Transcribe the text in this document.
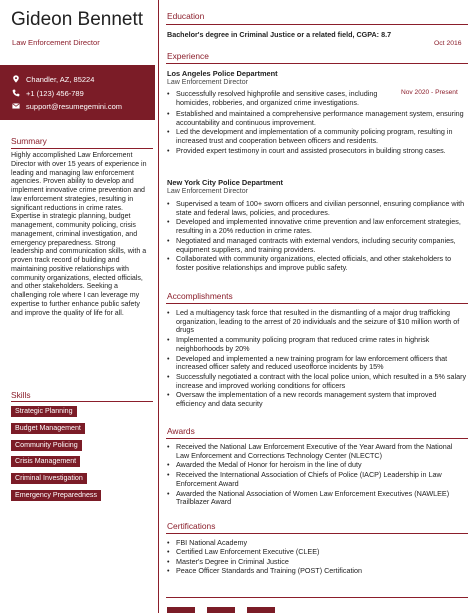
Gideon Bennett
Law Enforcement Director
Chandler, AZ, 85224
+1 (123) 456-789
support@resumegemini.com
Summary
Highly accomplished Law Enforcement Director with over 15 years of experience in leading and managing law enforcement agencies. Proven ability to develop and implement innovative crime prevention and law enforcement strategies, resulting in significant reductions in crime rates. Expertise in strategic planning, budget management, community policing, crisis management, criminal investigation, and emergency preparedness. Strong leadership and communication skills, with a proven track record of building and maintaining positive relationships with community organizations, elected officials, and other stakeholders. Seeking a challenging role where I can leverage my expertise to further enhance public safety and improve the quality of life for all.
Skills
Strategic Planning
Budget Management
Community Policing
Crisis Management
Criminal Investigation
Emergency Preparedness
Education
Bachelor's degree in Criminal Justice or a related field, CGPA: 8.7
Oct 2016
Experience
Los Angeles Police Department
Law Enforcement Director
Nov 2020 - Present
• Successfully resolved highprofile and sensitive cases, including homicides, robberies, and organized crime investigations.
• Established and maintained a comprehensive performance management system, ensuring accountability and continuous improvement.
• Led the development and implementation of a community policing program, resulting in increased trust and cooperation between officers and residents.
• Provided expert testimony in court and assisted prosecutors in building strong cases.
New York City Police Department
Law Enforcement Director
• Supervised a team of 100+ sworn officers and civilian personnel, ensuring compliance with state and federal laws, policies, and procedures.
• Developed and implemented innovative crime prevention and law enforcement strategies, resulting in a 20% reduction in crime rates.
• Negotiated and managed contracts with external vendors, including security companies, equipment suppliers, and training providers.
• Collaborated with community organizations, elected officials, and other stakeholders to foster positive relationships and improve public safety.
Accomplishments
• Led a multiagency task force that resulted in the dismantling of a major drug trafficking organization, leading to the arrest of 20 individuals and the seizure of $10 million worth of drugs
• Implemented a community policing program that reduced crime rates in highrisk neighborhoods by 20%
• Developed and implemented a new training program for law enforcement officers that increased officer safety and reduced useofforce incidents by 15%
• Successfully negotiated a contract with the local police union, which resulted in a 5% salary increase and improved working conditions for officers
• Oversaw the implementation of a new records management system that improved efficiency and data security
Awards
• Received the National Law Enforcement Executive of the Year Award from the National Law Enforcement and Corrections Technology Center (NLECTC)
• Awarded the Medal of Honor for heroism in the line of duty
• Received the International Association of Chiefs of Police (IACP) Leadership in Law Enforcement Award
• Awarded the National Association of Women Law Enforcement Executives (NAWLEE) Trailblazer Award
Certifications
• FBI National Academy
• Certified Law Enforcement Executive (CLEE)
• Master's Degree in Criminal Justice
• Peace Officer Standards and Training (POST) Certification
